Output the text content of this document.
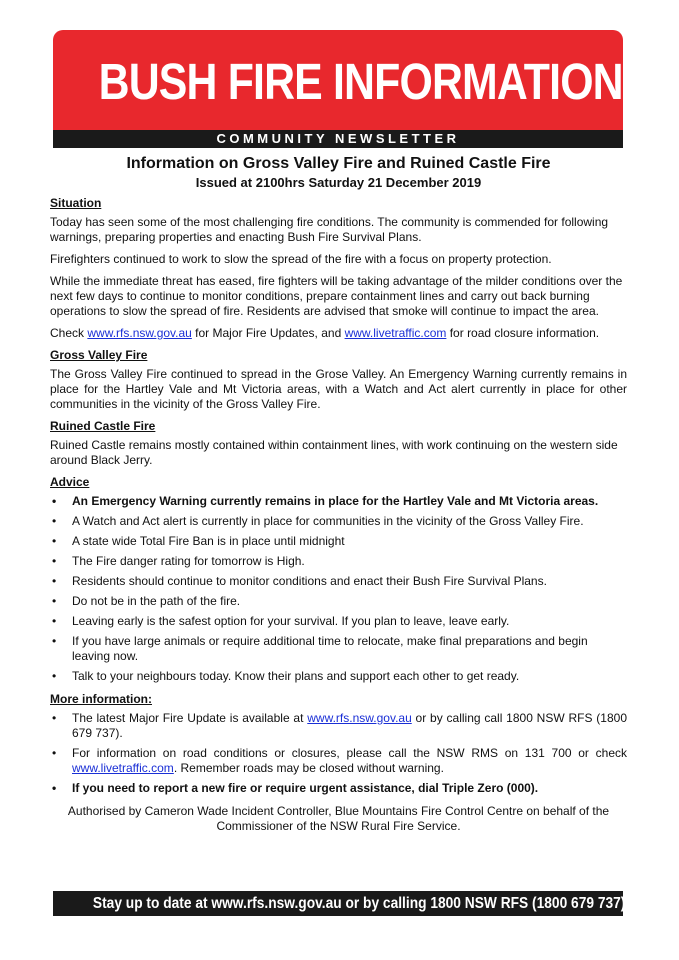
BUSH FIRE INFORMATION
COMMUNITY NEWSLETTER
Information on Gross Valley Fire and Ruined Castle Fire
Issued at 2100hrs Saturday 21 December 2019
Situation

Today has seen some of the most challenging fire conditions. The community is commended for following warnings, preparing properties and enacting Bush Fire Survival Plans.

Firefighters continued to work to slow the spread of the fire with a focus on property protection.

While the immediate threat has eased, fire fighters will be taking advantage of the milder conditions over the next few days to continue to monitor conditions, prepare containment lines and carry out back burning operations to slow the spread of fire. Residents are advised that smoke will continue to impact the area.

Check www.rfs.nsw.gov.au for Major Fire Updates, and www.livetraffic.com for road closure information.

Gross Valley Fire

The Gross Valley Fire continued to spread in the Grose Valley. An Emergency Warning currently remains in place for the Hartley Vale and Mt Victoria areas, with a Watch and Act alert currently in place for other communities in the vicinity of the Gross Valley Fire.

Ruined Castle Fire

Ruined Castle remains mostly contained within containment lines, with work continuing on the western side around Black Jerry.

Advice
• An Emergency Warning currently remains in place for the Hartley Vale and Mt Victoria areas.
• A Watch and Act alert is currently in place for communities in the vicinity of the Gross Valley Fire.
• A state wide Total Fire Ban is in place until midnight
• The Fire danger rating for tomorrow is High.
• Residents should continue to monitor conditions and enact their Bush Fire Survival Plans.
• Do not be in the path of the fire.
• Leaving early is the safest option for your survival. If you plan to leave, leave early.
• If you have large animals or require additional time to relocate, make final preparations and begin leaving now.
• Talk to your neighbours today. Know their plans and support each other to get ready.
More information:
• The latest Major Fire Update is available at www.rfs.nsw.gov.au or by calling call 1800 NSW RFS (1800 679 737).
• For information on road conditions or closures, please call the NSW RMS on 131 700 or check www.livetraffic.com. Remember roads may be closed without warning.
• If you need to report a new fire or require urgent assistance, dial Triple Zero (000).
Authorised by Cameron Wade Incident Controller, Blue Mountains Fire Control Centre on behalf of the Commissioner of the NSW Rural Fire Service.
Stay up to date at www.rfs.nsw.gov.au or by calling 1800 NSW RFS (1800 679 737)
